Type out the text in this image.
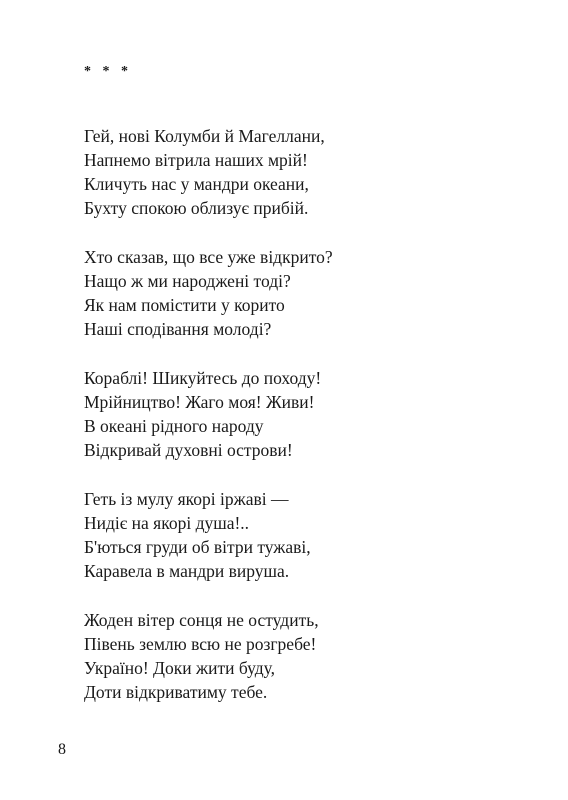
* * *
Гей, нові Колумби й Магеллани,
Напнемо вітрила наших мрій!
Кличуть нас у мандри океани,
Бухту спокою облизує прибій.
Хто сказав, що все уже відкрито?
Нащо ж ми народжені тоді?
Як нам помістити у корито
Наші сподівання молоді?
Кораблі! Шикуйтесь до походу!
Мрійництво! Жаго моя! Живи!
В океані рідного народу
Відкривай духовні острови!
Геть із мулу якорі іржаві —
Нидіє на якорі душа!..
Б'ються груди об вітри тужаві,
Каравела в мандри вируша.
Жоден вітер сонця не остудить,
Півень землю всю не розгребе!
Україно! Доки жити буду,
Доти відкриватиму тебе.
8
